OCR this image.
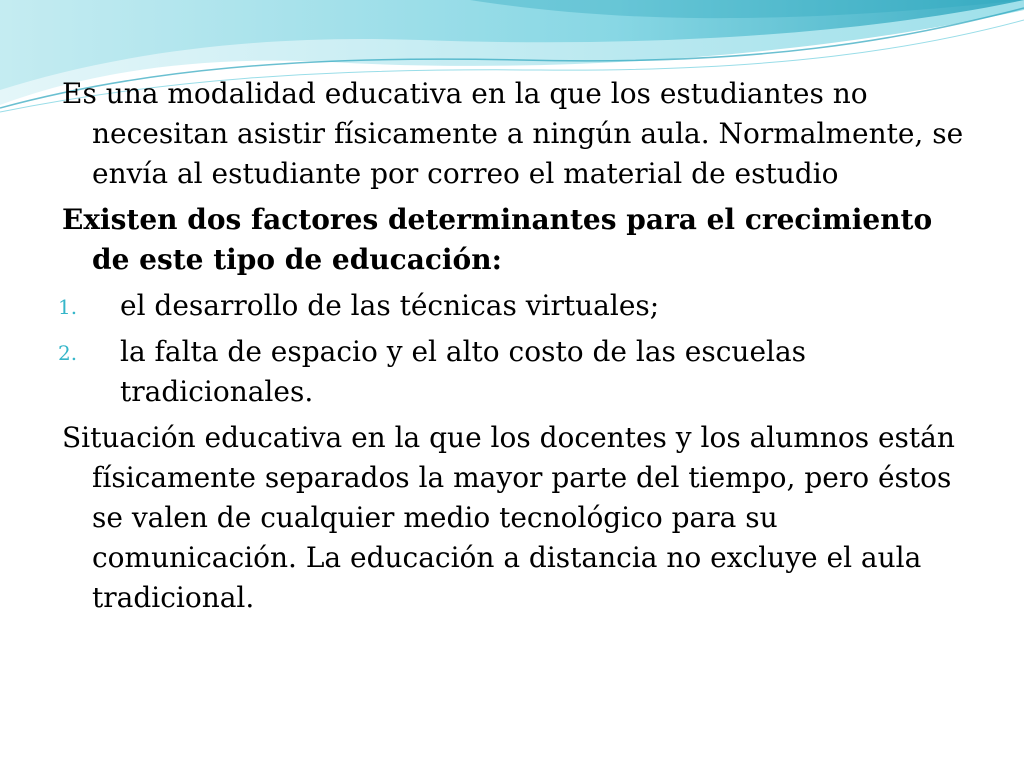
Es una modalidad educativa en la que los estudiantes no necesitan asistir físicamente a ningún aula. Normalmente, se envía al estudiante por correo el material de estudio

Existen dos factores determinantes para el crecimiento de este tipo de educación:

1. el desarrollo de las técnicas virtuales;
2. la falta de espacio y el alto costo de las escuelas tradicionales.

Situación educativa en la que los docentes y los alumnos están físicamente separados la mayor parte del tiempo, pero éstos se valen de cualquier medio tecnológico para su comunicación. La educación a distancia no excluye el aula tradicional.
